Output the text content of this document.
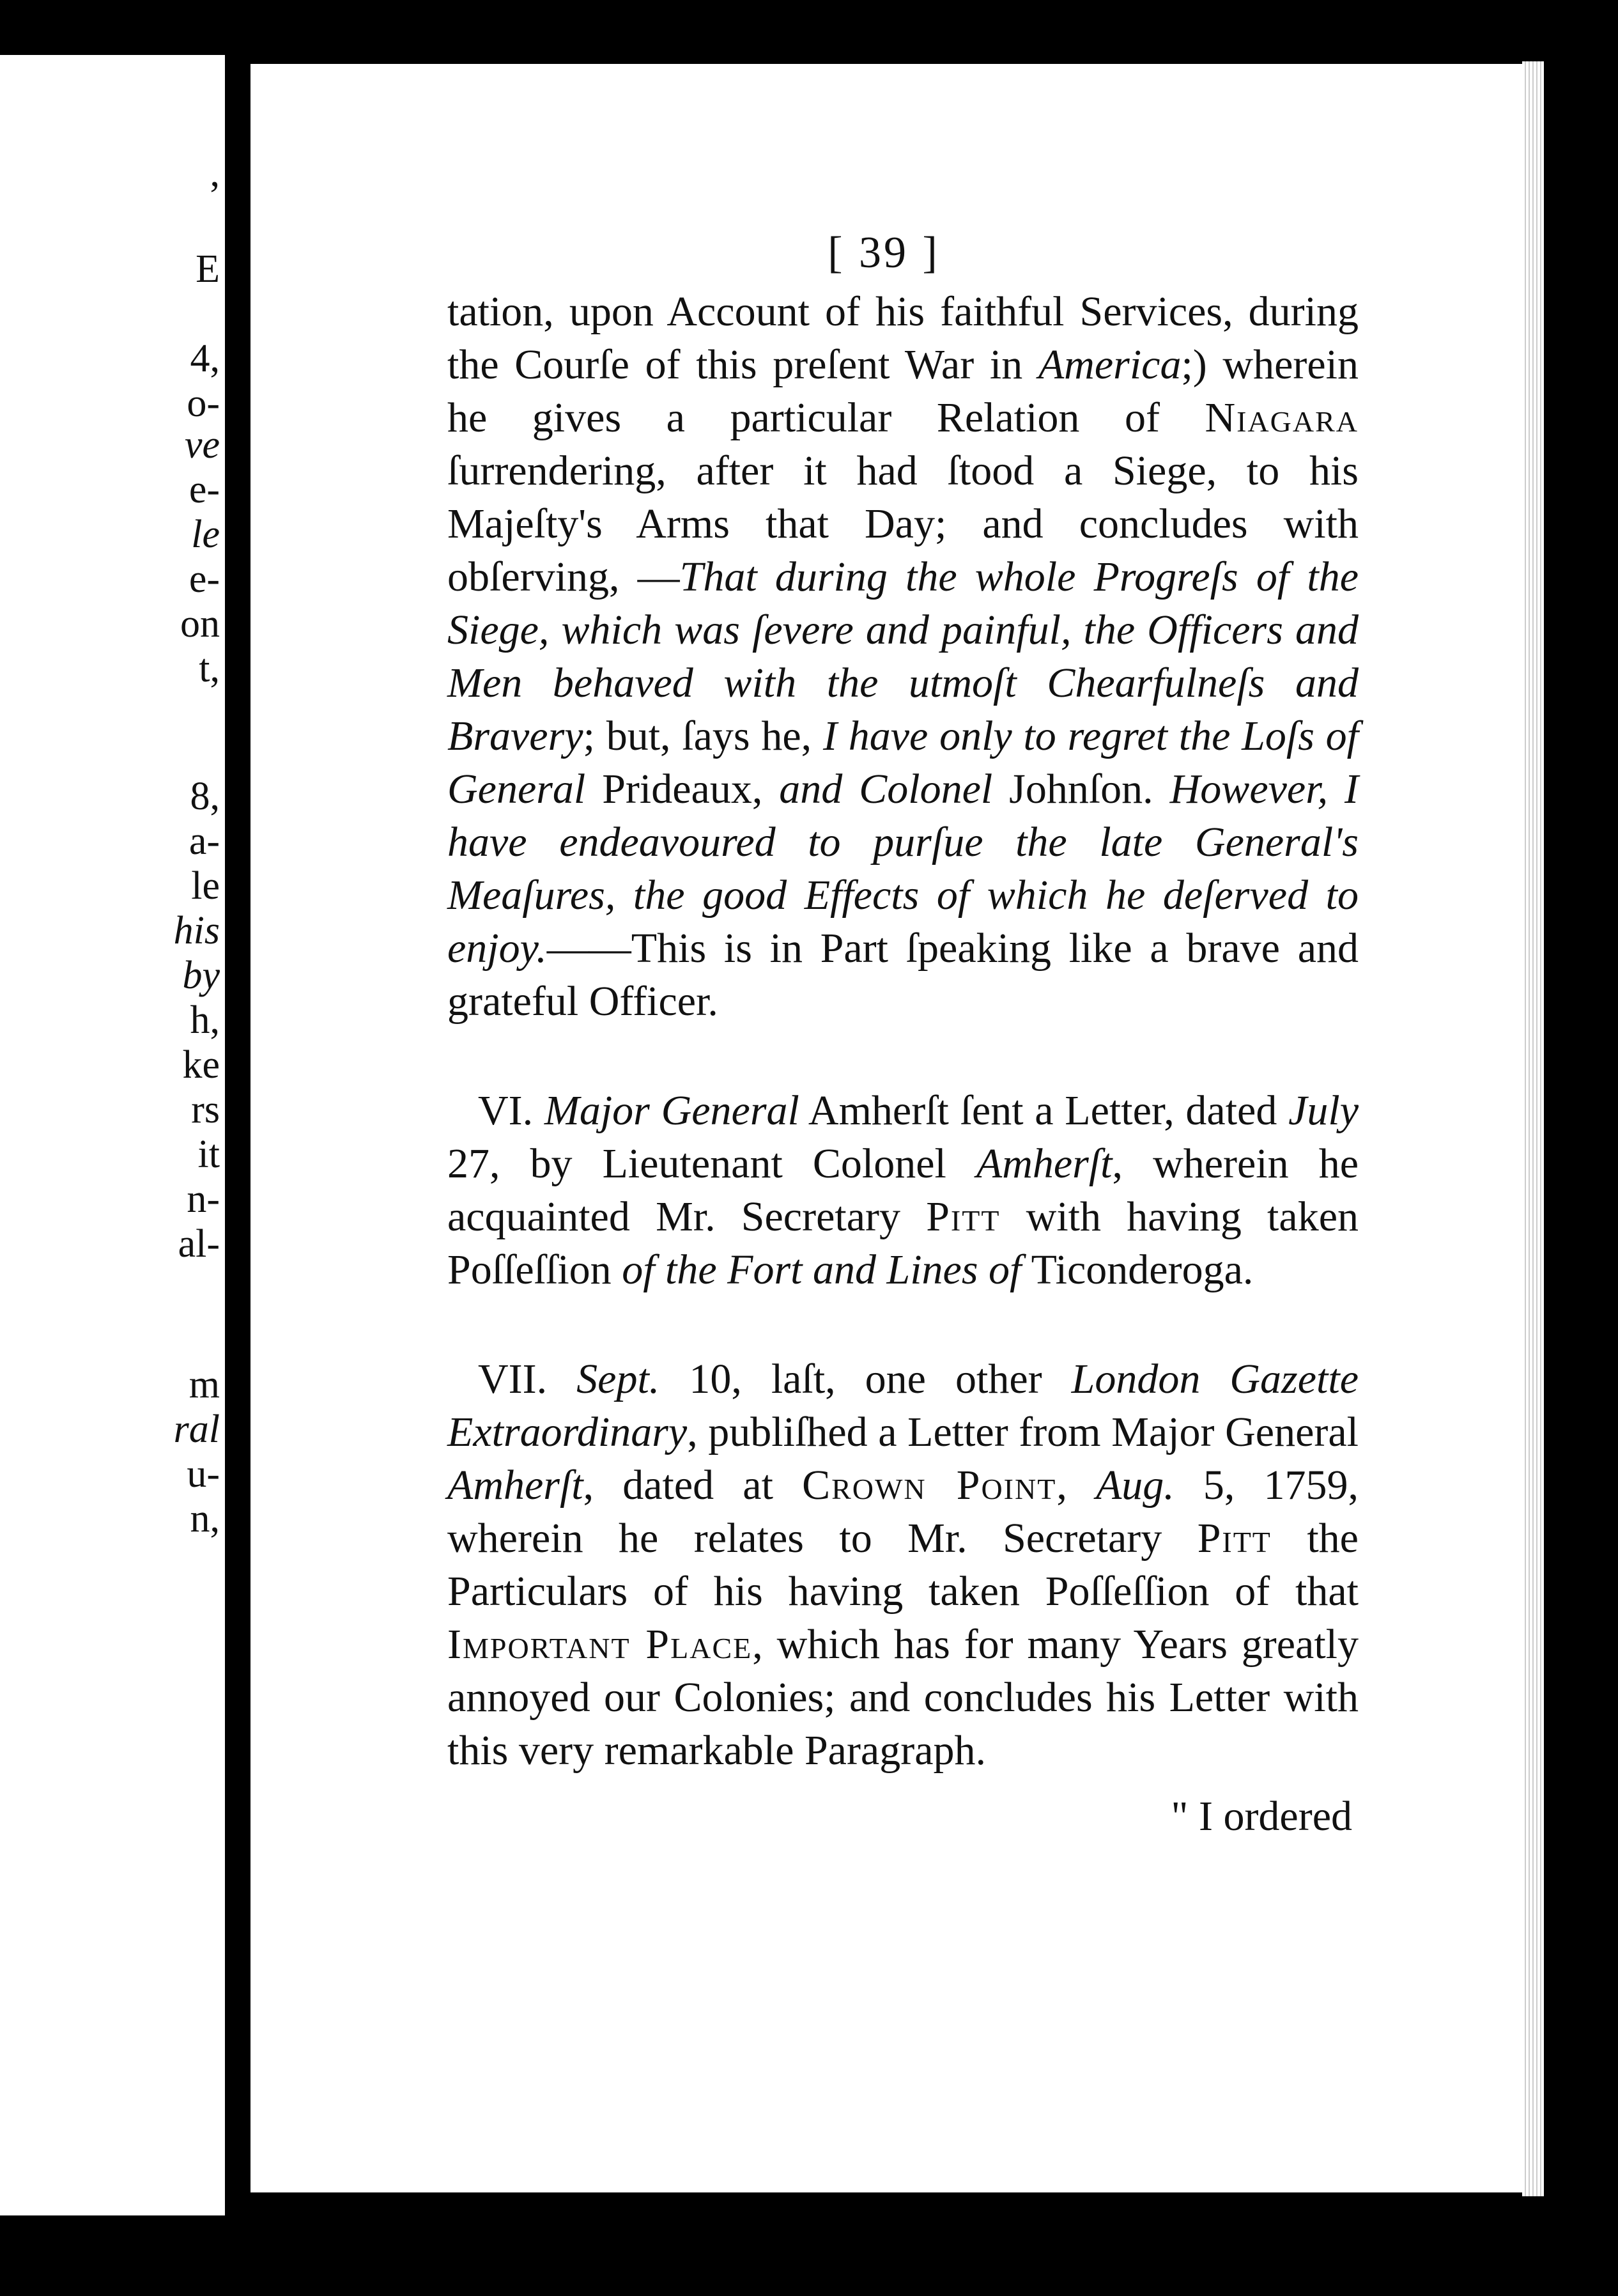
,
E
4,
o-
ve
e-
le
e-
on
t,
8,
a-
le
his
by
h,
ke
rs
it
n-
al-
m
ral
u-
n,
[ 39 ]

tation, upon Account of his faithful Services, during the Courſe of this preſent War in America;) wherein he gives a particular Relation of Niagara ſurrendering, after it had ſtood a Siege, to his Majeſty's Arms that Day; and concludes with obſerving, —That during the whole Progreſs of the Siege, which was ſevere and painful, the Officers and Men behaved with the utmoſt Chearfulneſs and Bravery; but, ſays he, I have only to regret the Loſs of General Prideaux, and Colonel Johnſon. However, I have endeavoured to purſue the late General's Meaſures, the good Effects of which he deſerved to enjoy.——This is in Part ſpeaking like a brave and grateful Officer.

VI. Major General Amherſt ſent a Letter, dated July 27, by Lieutenant Colonel Amherſt, wherein he acquainted Mr. Secretary Pitt with having taken Poſſeſſion of the Fort and Lines of Ticonderoga.

VII. Sept. 10, laſt, one other London Gazette Extraordinary, publiſhed a Letter from Major General Amherſt, dated at Crown Point, Aug. 5, 1759, wherein he relates to Mr. Secretary Pitt the Particulars of his having taken Poſſeſſion of that Important Place, which has for many Years greatly annoyed our Colonies; and concludes his Letter with this very remarkable Paragraph.

" I ordered
